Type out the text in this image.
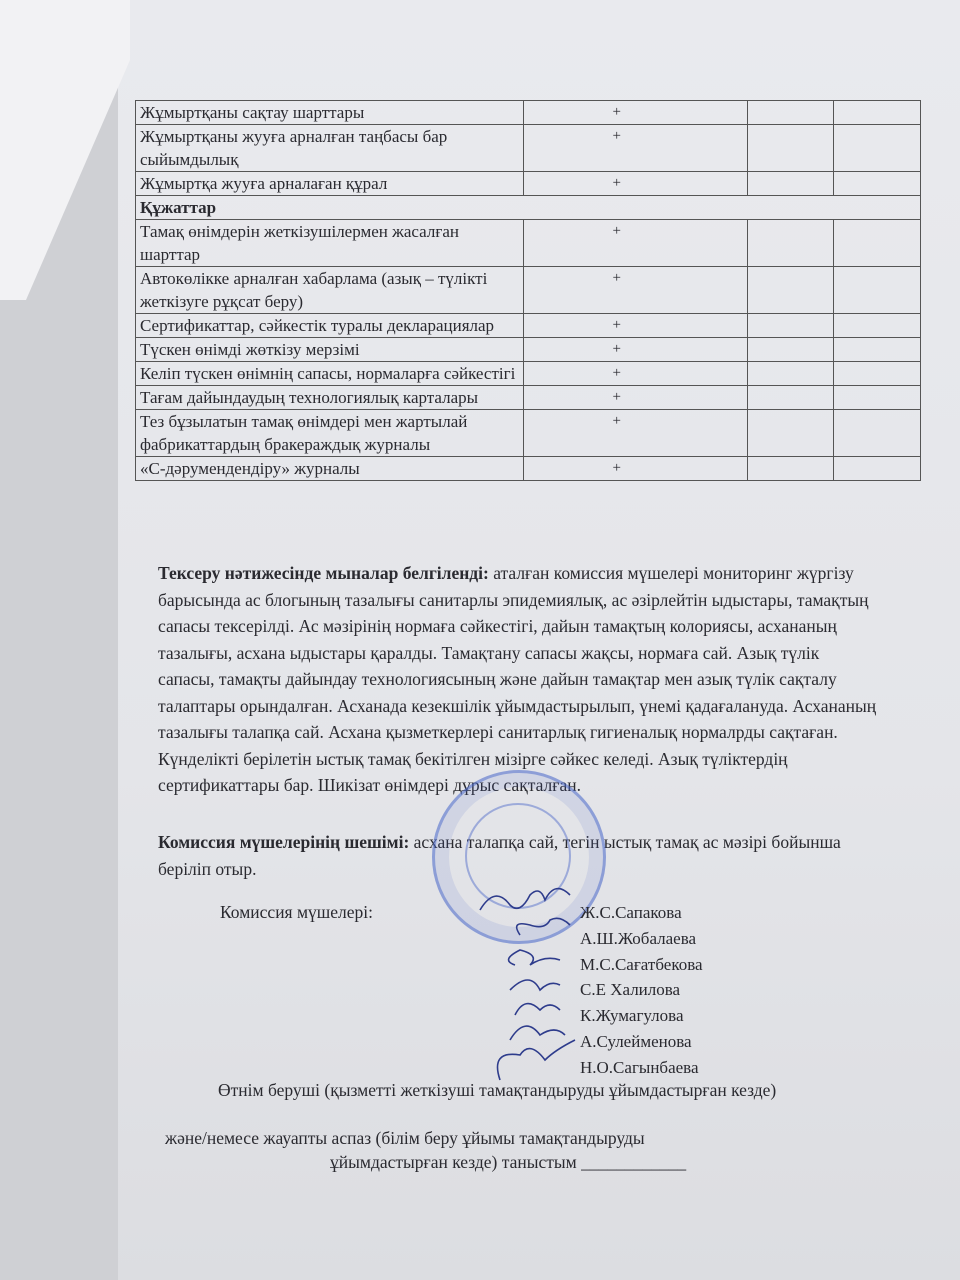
Жұмыртқаны сақтау шарттары	+		
Жұмыртқаны жууға арналған таңбасы бар сыйымдылық	+		
Жұмыртқа жууға арналаған құрал	+		
Құжаттар			
Тамақ өнімдерін жеткізушілермен жасалған шарттар	+		
Автокөлікке арналған хабарлама (азық – түлікті жеткізуге рұқсат беру)	+		
Сертификаттар, сәйкестік туралы декларациялар	+		
Түскен өнімді жөткізу мерзімі	+		
Келіп түскен өнімнің сапасы, нормаларға сәйкестігі	+		
Тағам дайындаудың технологиялық карталары	+		
Тез бұзылатын тамақ өнімдері мен жартылай фабрикаттардың бракераждық журналы	+		
«С-дәрумендендіру» журналы	+		
Тексеру нәтижесінде мыналар белгіленді: аталған комиссия мүшелері мониторинг жүргізу барысында ас блогының тазалығы санитарлы эпидемиялық, ас әзірлейтін ыдыстары, тамақтың сапасы тексерілді. Ас мәзірінің нормаға сәйкестігі, дайын тамақтың колориясы, асхананың тазалығы, асхана ыдыстары қаралды. Тамақтану сапасы жақсы, нормаға сай. Азық түлік сапасы, тамақты дайындау технологиясының және дайын тамақтар мен азық түлік сақталу талаптары орындалған. Асханада кезекшілік ұйымдастырылып, үнемі қадағалануда. Асхананың тазалығы талапқа сай. Асхана қызметкерлері санитарлық гигиеналық нормалрды сақтаған. Күнделікті берілетін ыстық тамақ бекітілген мізірге сәйкес келеді. Азық түліктердің сертификаттары бар. Шикізат өнімдері дұрыс сақталған.
Комиссия мүшелерінің шешімі: асхана талапқа сай, тегін ыстық тамақ ас мәзірі бойынша беріліп отыр.
Комиссия мүшелері:	Ж.С.Сапакова
А.Ш.Жобалаева
М.С.Сағатбекова
С.Е Халилова
К.Жумагулова
А.Сулейменова
Н.О.Сагынбаева
Өтнім беруші (қызметті жеткізуші тамақтандыруды ұйымдастырған кезде)
және/немесе жауапты аспаз (білім беру ұйымы тамақтандыруды
ұйымдастырған кезде) таныстым ____________
